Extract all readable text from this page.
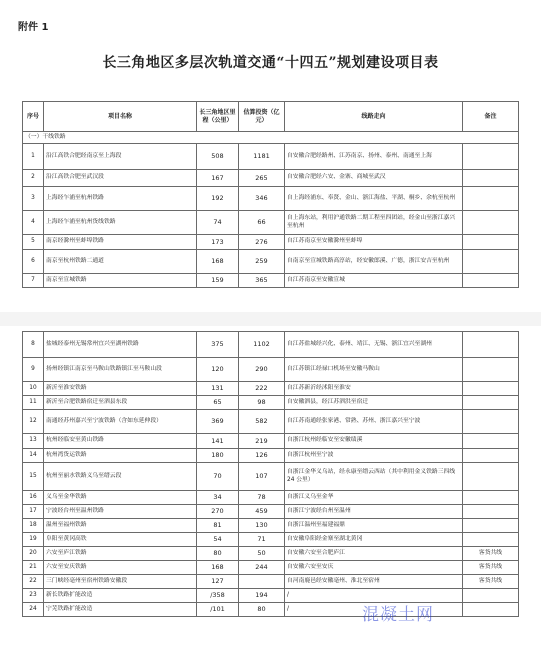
附件 1
长三角地区多层次轨道交通“十四五”规划建设项目表
序号	项目名称	长三角地区里程（公里）	估算投资（亿元）	线路走向	备注
（一）干线铁路					
1	沿江高铁合肥经南京至上海段	508	1181	自安徽合肥经路州、江苏南京、扬州、泰州、南通至上海	
2	沿江高铁合肥至武汉段	167	265	自安徽合肥经六安、金寨、商城至武汉	
3	上海经乍浦至杭州铁路	192	346	自上海经浦东、奉贤、金山、浙江海盐、平湖、桐乡、余杭至杭州	
4	上海经乍浦至杭州货线铁路	74	66	自上海东站，利用沪通铁路二期工程至四团站，经金山至浙江嘉兴至杭州	
5	南京经滁州至蚌埠铁路	173	276	自江苏南京至安徽滁州至蚌埠	
6	南京至杭州铁路二通道	168	259	自南京至宣城铁路高淳站，经安徽郎溪、广德，浙江安吉至杭州	
7	南京至宣城铁路	159	365	自江苏南京至安徽宣城	
8	盐城经泰州无锡常州宜兴至湖州铁路	375	1102	自江苏盐城经兴化、泰州、靖江、无锡、浙江宜兴至湖州	
9	扬州经镇江南京至马鞍山铁路镇江至马鞍山段	120	290	自江苏镇江经禄口机场至安徽马鞍山	
10	新沂至淮安铁路	131	222	自江苏新沂经沭阳至淮安	
11	新沂至合肥铁路宿迁至泗县东段	65	98	自安徽泗县，经江苏泗洪至宿迁	
12	南通经苏州嘉兴至宁波铁路（含如东延伸段）	369	582	自江苏南通经张家港、常熟、苏州、浙江嘉兴至宁波	
13	杭州经临安至黄山铁路	141	219	自浙江杭州经临安至安徽绩溪	
14	杭州湾货运铁路	180	126	自浙江杭州至宁波	
15	杭州至丽水铁路义乌至缙云段	70	107	自浙江金华义乌站，经永康至缙云西站（其中利用金义铁路三四线 24 公里）	
16	义乌至金华铁路	34	78	自浙江义乌至金华	
17	宁波经台州至温州铁路	270	459	自浙江宁波经台州至温州	
18	温州至福州铁路	81	130	自浙江温州至福建福鼎	
19	阜阳至黄冈高铁	54	71	自安徽阜阳经金寨至湖北黄冈	
20	六安至庐江铁路	80	50	自安徽六安至合肥庐江	客货共线
21	六安至安庆铁路	168	244	自安徽六安至安庆	客货共线
22	三门峡经亳州至宿州铁路安徽段	127		自河南鹿邑经安徽亳州、淮北至宿州	客货共线
23	新长铁路扩能改造	/358	194	/	
24	宁芜铁路扩能改造	/101	80	/		混凝土网
